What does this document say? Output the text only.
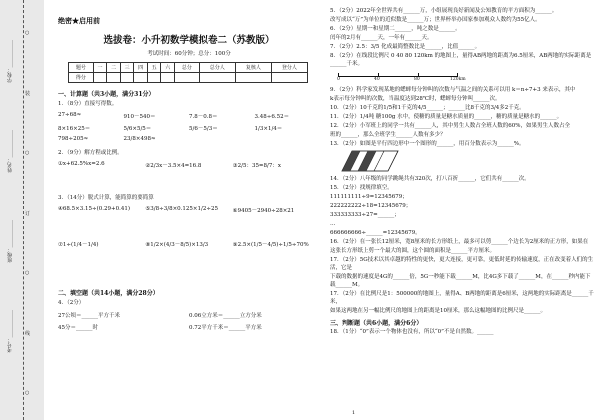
学校：___________
姓名：___________
班级：___________
考号：___________
○
装
○
订
○
线
○
绝密★启用前
选拔卷：小升初数学模拟卷二（苏教版）
考试时间：60分钟；总分：100分
题号	一	二	三	四	五	六	总分	总分人	复核人	登分人
得分										
一、计算题（共3小题，满分31分）
1．（8分）直接写得数。
27÷68≈	910－540＝	7.8－0.8＝	3.48÷6.52＝
8×16×25＝	5/6×5/5＝	5/6－5/3＝	1/3×1/4＝
798÷205≈	23/8×498≈
2．（9分）解方程或比例。
①x+62.5%x=2.6	②2/3x－3.5×4=16.8	③2/5：35=8/7：x
3．（14分）脱式计算，能简算的要简算
④68.5×3.15÷(0.29+0.41)	⑤3/8÷3/8×0.125×1/2÷25	⑥9405－2940÷28×21
⑦1÷(1/4－1/4)	⑧1/2×(4/3－8/5)×13/3	⑨2.5×(1/5－4/5)÷1/5÷70%
二、填空题（共14小题，满分28分）
4．（2分）
27公顷＝______平方千米	0.06立方米＝______立方分米
45分＝______时	0.72平方千米＝______平方米
5．（2分）2022年全世界共有______万，小组展现良好新闻及公知教育的平方面积为______。
改写成以“万”为单位的近似数是______万；世界杯举办国家参加观众人数约为55亿人。
6．（2分）星期一和星期二______，吨之数是______。
闰年的2月有______天，一年有______天。
7．（2分）2.5：3/5 化成最简整数比是______，比值______。
8．（2分）在线段比例尺 0 40 80 120km 的地图上，量得AB两地的距离为6.5厘米，AB两地的实际距离是______千米。
0	40	80	120km
9．（2分）科学家发现某地的蟋蟀每分钟叫的次数与气温之间的关系可以用 k＝n÷7+3 来表示，其中
k表示每分钟叫的次数，当温度达到28℃时，蟋蟀每分钟叫______次。
10．（2分）10千克的1/5和1千克的4/5______；______比8千克的3/4多2千克。
11．（2分）1/4吨 糖100g 水中，使糖的质量是糖水质量的______，糖的质量是糖水的______。
12．（2分）小军班上的同学一共有______人，其中男生人数占全班人数的60%，如果男生人数占全
班的______，那么全班学生______人数有多少？
13．（2分）如图是平行四边形中一个图形的______，用百分数表示为______%。
14．（2分）八年级的同学跳绳共有320次，打八百折______，它们共有______次。
15．（2分）找规律填空。
111111111÷9=12345679；
222222222÷18=12345679；
333333333÷27=______；
…
666666666÷______=12345679。
16．（2分）在一张长12厘米，宽8厘米的长方形纸上，最多可以剪______个边长为2厘米的正方形，如果在
这张长方形纸上剪一个最大的圆，这个圆的面积是______平方厘米。
17．（2分）5G技术以其卓越的特性的更快，更大连接，更可靠，更低时延的传输速度，正在改变着人们的生活，它是
下载的数据的速度是4G的______倍，5G一秒能下载______M，比4G多下载了______M，在______秒内能下载______M。
17．（2分）在比例尺是1：500000的地图上，量得A、B两地的距离是6厘米，这两地的实际距离是______千米，
如果这两地在另一幅比例尺的地图上的距离是10厘米，那么这幅地图的比例尺是______。
三、判断题（共6小题，满分6分）
18．（1分）“0”表示一个物体也没有，所以“0”不是自然数。______
1
